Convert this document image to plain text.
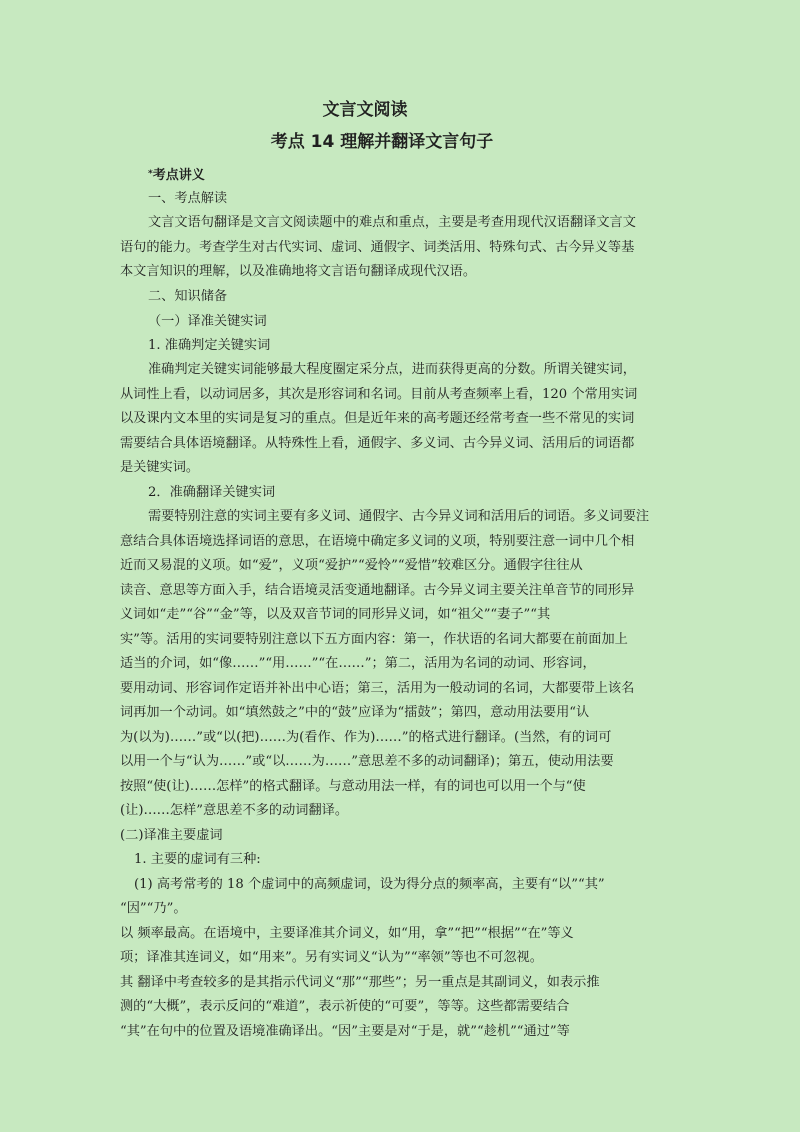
文言文阅读
考点 14 理解并翻译文言句子

*考点讲义

一、考点解读

文言文语句翻译是文言文阅读题中的难点和重点，主要是考查用现代汉语翻译文言文

语句的能力。考查学生对古代实词、虚词、通假字、词类活用、特殊句式、古今异义等基

本文言知识的理解，以及准确地将文言语句翻译成现代汉语。

二、知识储备

（一）译准关键实词

1. 准确判定关键实词

准确判定关键实词能够最大程度圈定采分点，进而获得更高的分数。所谓关键实词，

从词性上看，以动词居多，其次是形容词和名词。目前从考查频率上看，120 个常用实词

以及课内文本里的实词是复习的重点。但是近年来的高考题还经常考查一些不常见的实词

需要结合具体语境翻译。从特殊性上看，通假字、多义词、古今异义词、活用后的词语都

是关键实词。

2．准确翻译关键实词

需要特别注意的实词主要有多义词、通假字、古今异义词和活用后的词语。多义词要注

意结合具体语境选择词语的意思，在语境中确定多义词的义项，特别要注意一词中几个相

近而又易混的义项。如“爱”，义项“爱护”“爱怜”“爱惜”较难区分。通假字往往从

读音、意思等方面入手，结合语境灵活变通地翻译。古今异义词主要关注单音节的同形异

义词如“走”“谷”“金”等，以及双音节词的同形异义词，如“祖父”“妻子”“其

实”等。活用的实词要特别注意以下五方面内容：第一，作状语的名词大都要在前面加上

适当的介词，如“像……”“用……”“在……”；第二，活用为名词的动词、形容词，

要用动词、形容词作定语并补出中心语；第三，活用为一般动词的名词，大都要带上该名

词再加一个动词。如“填然鼓之”中的“鼓”应译为“擂鼓”；第四，意动用法要用“认

为(以为)……”或“以(把)……为(看作、作为)……”的格式进行翻译。(当然，有的词可

以用一个与“认为……”或“以……为……”意思差不多的动词翻译)；第五，使动用法要

按照“使(让)……怎样”的格式翻译。与意动用法一样，有的词也可以用一个与“使

(让)……怎样”意思差不多的动词翻译。

(二)译准主要虚词

1. 主要的虚词有三种:

(1) 高考常考的 18 个虚词中的高频虚词，设为得分点的频率高，主要有“以”“其”

“因”“乃”。

以 频率最高。在语境中，主要译准其介词义，如“用，拿”“把”“根据”“在”等义

项；译准其连词义，如“用来”。另有实词义“认为”“率领”等也不可忽视。

其 翻译中考查较多的是其指示代词义“那”“那些”；另一重点是其副词义，如表示推

测的“大概”，表示反问的“难道”，表示祈使的“可要”，等等。这些都需要结合

“其”在句中的位置及语境准确译出。“因”主要是对“于是，就”“趁机”“通过”等
